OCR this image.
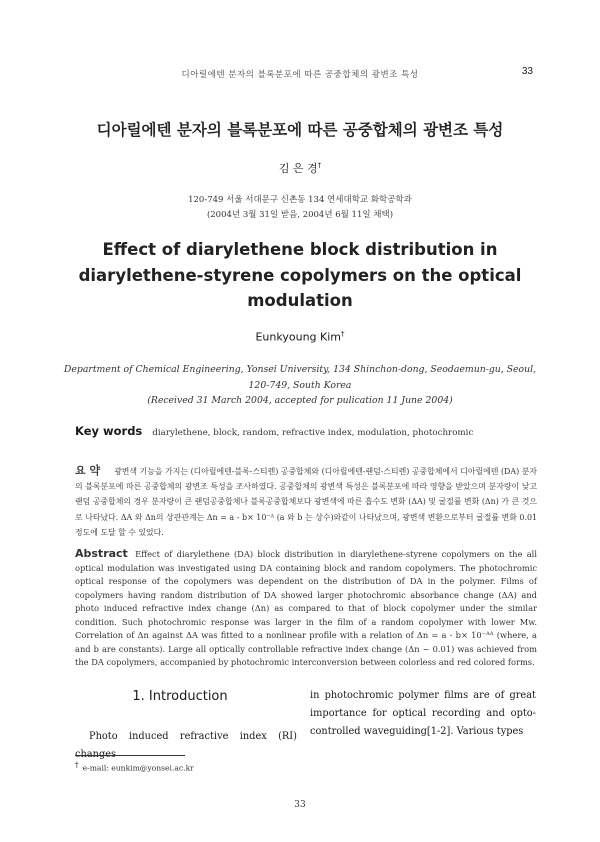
디아릴에텐 분자의 블록분포에 따른 공중합체의 광변조 특성	33
디아릴에텐 분자의 블록분포에 따른 공중합체의 광변조 특성
김 은 경†
120-749 서울 서대문구 신촌동 134 연세대학교 화학공학과
(2004년 3월 31일 받음, 2004년 6월 11일 채택)
Effect of diarylethene block distribution in diarylethene-styrene copolymers on the optical modulation
Eunkyoung Kim†
Department of Chemical Engineering, Yonsei University, 134 Shinchon-dong, Seodaemun-gu, Seoul, 120-749, South Korea
(Received 31 March 2004, accepted for pulication 11 June 2004)
Key words diarylethene, block, random, refractive index, modulation, photochromic
요 약 광변색 기능을 가지는 (디아릴에텐-블록-스티렌) 공중합체와 (디아릴에텐-랜덤-스티렌) 공중합체에서 디아릴에텐 (DA) 분자의 블록분포에 따른 공중합체의 광변조 특성을 조사하였다. 공중합체의 광변색 특성은 블록분포에 따라 영향을 받았으며 분자량이 낮고 랜덤 공중합체의 경우 분자량이 큰 랜덤공중합체나 블록공중합체보다 광변색에 따른 흡수도 변화 (ΔA) 및 굴절률 변화 (Δn) 가 큰 것으로 나타났다. ΔA 와 Δn의 상관관계는 Δn = a - b× 10⁻ᴬ (a 와 b 는 상수)와같이 나타났으며, 광변색 변환으로부터 굴절률 변화 0.01 정도에 도달 할 수 있었다.
Abstract Effect of diarylethene (DA) block distribution in diarylethene-styrene copolymers on the all optical modulation was investigated using DA containing block and random copolymers. The photochromic optical response of the copolymers was dependent on the distribution of DA in the polymer. Films of copolymers having random distribution of DA showed larger photochromic absorbance change (ΔA) and photo induced refractive index change (Δn) as compared to that of block copolymer under the similar condition. Such photochromic response was larger in the film of a random copolymer with lower Mw. Correlation of Δn against ΔA was fitted to a nonlinear profile with a relation of Δn = a - b× 10⁻ᴬᴬ (where, a and b are constants). Large all optically controllable refractive index change (Δn ~ 0.01) was achieved from the DA copolymers, accompanied by photochromic interconversion between colorless and red colored forms.
1. Introduction
Photo induced refractive index (RI) changes
in photochromic polymer films are of great importance for optical recording and opto-controlled waveguiding[1-2]. Various types
† e-mail: eunkim@yonsei.ac.kr
33
